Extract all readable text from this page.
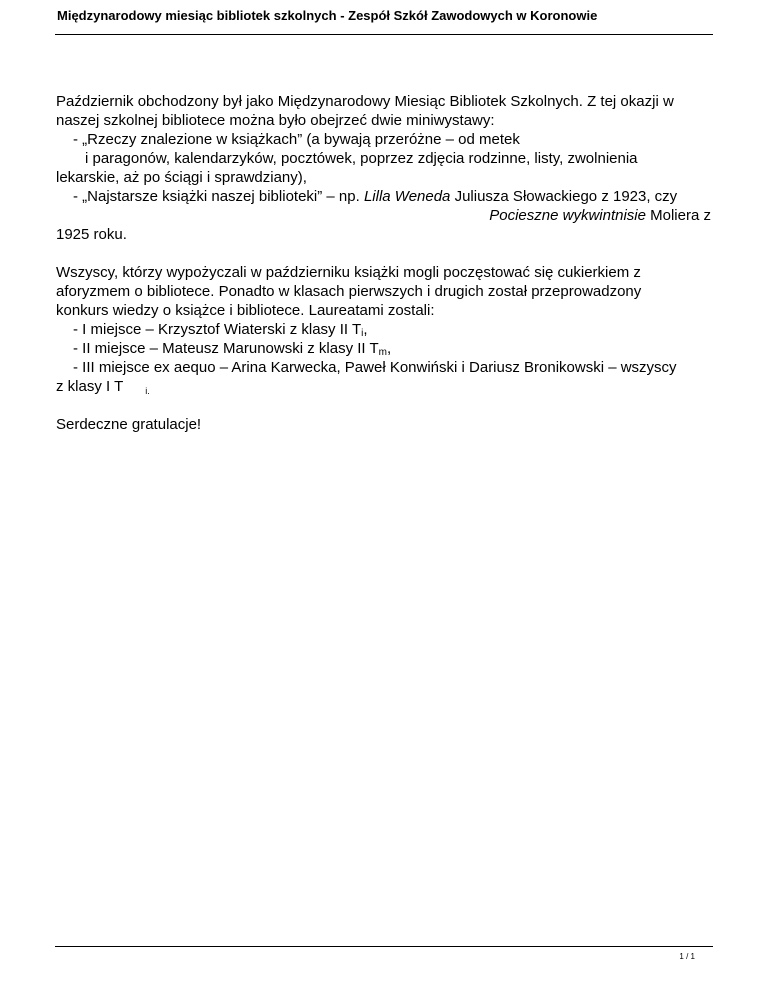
Międzynarodowy miesiąc bibliotek szkolnych - Zespół Szkół Zawodowych w Koronowie
Październik obchodzony był jako Międzynarodowy Miesiąc Bibliotek Szkolnych. Z tej okazji w
naszej szkolnej bibliotece można było obejrzeć dwie miniwystawy:
- „Rzeczy znalezione w książkach” (a bywają przeróżne – od metek
i paragonów, kalendarzyków, pocztówek, poprzez zdjęcia rodzinne, listy, zwolnienia
lekarskie, aż po ściągi i sprawdziany),
- „Najstarsze książki naszej biblioteki” – np. Lilla Weneda Juliusza Słowackiego z 1923, czy
Pocieszne wykwintnisie Moliera z
1925 roku.
Wszyscy, którzy wypożyczali w październiku książki mogli poczęstować się cukierkiem z
aforyzmem o bibliotece. Ponadto w klasach pierwszych i drugich został przeprowadzony
konkurs wiedzy o książce i bibliotece. Laureatami zostali:
- I miejsce – Krzysztof Wiaterski z klasy II $T_i$,
- II miejsce – Mateusz Marunowski z klasy II $T_m$,
- III miejsce ex aequo – Arina Karwecka, Paweł Konwiński i Dariusz Bronikowski – wszyscy
z klasy I T $_{i.}$
Serdeczne gratulacje!
1 / 1
